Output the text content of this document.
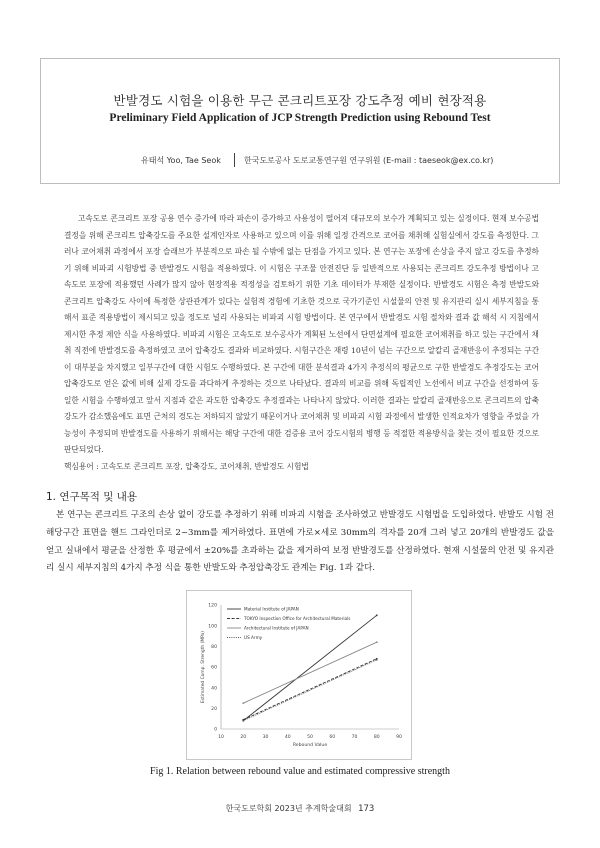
반발경도 시험을 이용한 무근 콘크리트포장 강도추정 예비 현장적용
Preliminary Field Application of JCP Strength Prediction using Rebound Test
유태석 Yoo, Tae Seok	한국도로공사 도로교통연구원 연구위원 (E-mail : taeseok@ex.co.kr)

고속도로 콘크리트 포장 공용 연수 증가에 따라 파손이 증가하고 사용성이 떨어져 대규모의 보수가 계획되고 있는 실정이다. 현재 보수공법 결정을 위해 콘크리트 압축강도를 주요한 설계인자로 사용하고 있으며 이를 위해 일정 간격으로 코어를 채취해 실험실에서 강도를 측정한다. 그러나 코어채취 과정에서 포장 슬래브가 부분적으로 파손 될 수밖에 없는 단점을 가지고 있다. 본 연구는 포장에 손상을 주지 않고 강도를 추정하기 위해 비파괴 시험방법 중 반발경도 시험을 적용하였다. 이 시험은 구조물 안전진단 등 일반적으로 사용되는 콘크리트 강도추정 방법이나 고속도로 포장에 적용했던 사례가 많지 않아 현장적용 적정성을 검토하기 위한 기초 데이터가 부재한 실정이다. 반발경도 시험은 측정 반발도와 콘크리트 압축강도 사이에 특정한 상관관계가 있다는 실험적 경험에 기초한 것으로 국가기준인 시설물의 안전 및 유지관리 실시 세부지침을 통해서 표준 적용방법이 제시되고 있을 정도로 널리 사용되는 비파괴 시험 방법이다. 본 연구에서 반발경도 시험 절차와 결과 값 해석 시 지침에서 제시한 추정 제안 식을 사용하였다. 비파괴 시험은 고속도로 보수공사가 계획된 노선에서 단면설계에 필요한 코어채취를 하고 있는 구간에서 채취 직전에 반발경도를 측정하였고 코어 압축강도 결과와 비교하였다. 시험구간은 재령 10년이 넘는 구간으로 알칼리 골재반응이 추정되는 구간이 대부분을 차지했고 일부구간에 대한 시험도 수행하였다. 본 구간에 대한 분석결과 4가지 추정식의 평균으로 구한 반발경도 추정강도는 코어 압축강도로 얻은 값에 비해 실제 강도를 과다하게 추정하는 것으로 나타났다. 결과의 비교를 위해 독립적인 노선에서 비교 구간을 선정하여 동일한 시험을 수행하였고 앞서 지점과 같은 과도한 압축강도 추정결과는 나타나지 않았다. 이러한 결과는 알칼리 골재반응으로 콘크리트의 압축강도가 감소했음에도 표면 근처의 경도는 저하되지 않았기 때문이거나 코어채취 및 비파괴 시험 과정에서 발생한 인적요차가 영향을 주었을 가능성이 추정되며 반발경도를 사용하기 위해서는 해당 구간에 대한 검증용 코어 강도시험의 병행 등 적절한 적용방식을 찾는 것이 필요한 것으로 판단되었다.

핵심용어 : 고속도로 콘크리트 포장, 압축강도, 코어채취, 반발경도 시험법
1. 연구목적 및 내용

본 연구는 콘크리트 구조의 손상 없이 강도를 추정하기 위해 비파괴 시험을 조사하였고 반발경도 시험법을 도입하였다. 반발도 시험 전 해당구간 표면을 핸드 그라인더로 2~3mm를 제거하였다. 표면에 가로×세로 30mm의 격자를 20개 그려 넣고 20개의 반발경도 값을 얻고 실내에서 평균을 산정한 후 평균에서 ±20%를 초과하는 값을 제거하여 보정 반발경도를 산정하였다. 현재 시설물의 안전 및 유지관리 실시 세부지침의 4가지 추정 식을 통한 반발도와 추정압축강도 관계는 Fig. 1과 같다.

10	20	30	40	50	60	70	80	90
0
20
40
60
80
100
120
Rebound Value
Estimated Comp. Strength (MPa)
Material Institute of JAPAN
TOKYO Inspection Office for Architectural Materials
Architectural Institute of JAPAN
US Army
Fig 1. Relation between rebound value and estimated compressive strength
한국도로학회 2023년 추계학술대회 173
